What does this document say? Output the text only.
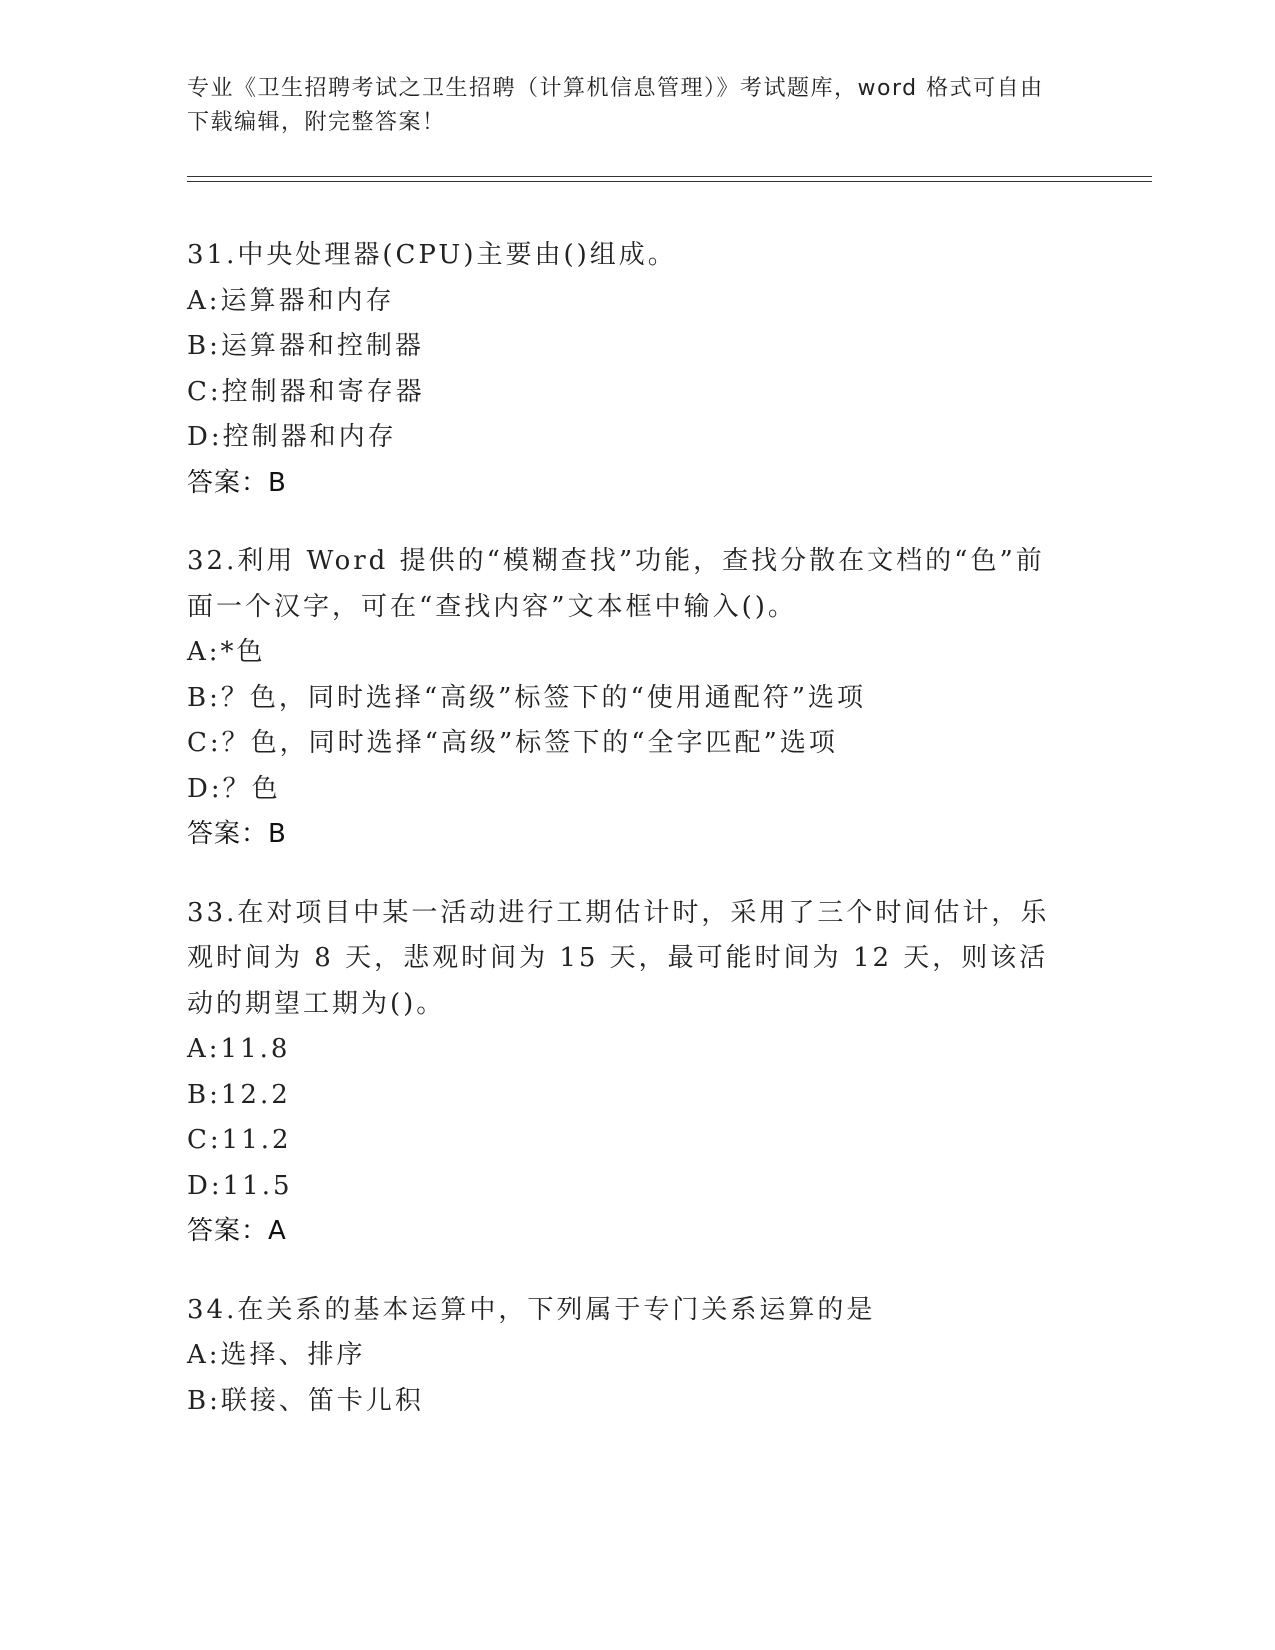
专业《卫生招聘考试之卫生招聘（计算机信息管理）》考试题库，word 格式可自由下载编辑，附完整答案！
31.中央处理器(CPU)主要由()组成。
A:运算器和内存
B:运算器和控制器
C:控制器和寄存器
D:控制器和内存
答案：B
32.利用 Word 提供的“模糊查找”功能，查找分散在文档的“色”前面一个汉字，可在“查找内容”文本框中输入()。
A:*色
B:？色，同时选择“高级”标签下的“使用通配符”选项
C:？色，同时选择“高级”标签下的“全字匹配”选项
D:？色
答案：B
33.在对项目中某一活动进行工期估计时，采用了三个时间估计，乐观时间为 8 天，悲观时间为 15 天，最可能时间为 12 天，则该活动的期望工期为()。
A:11.8
B:12.2
C:11.2
D:11.5
答案：A
34.在关系的基本运算中，下列属于专门关系运算的是
A:选择、排序
B:联接、笛卡儿积
